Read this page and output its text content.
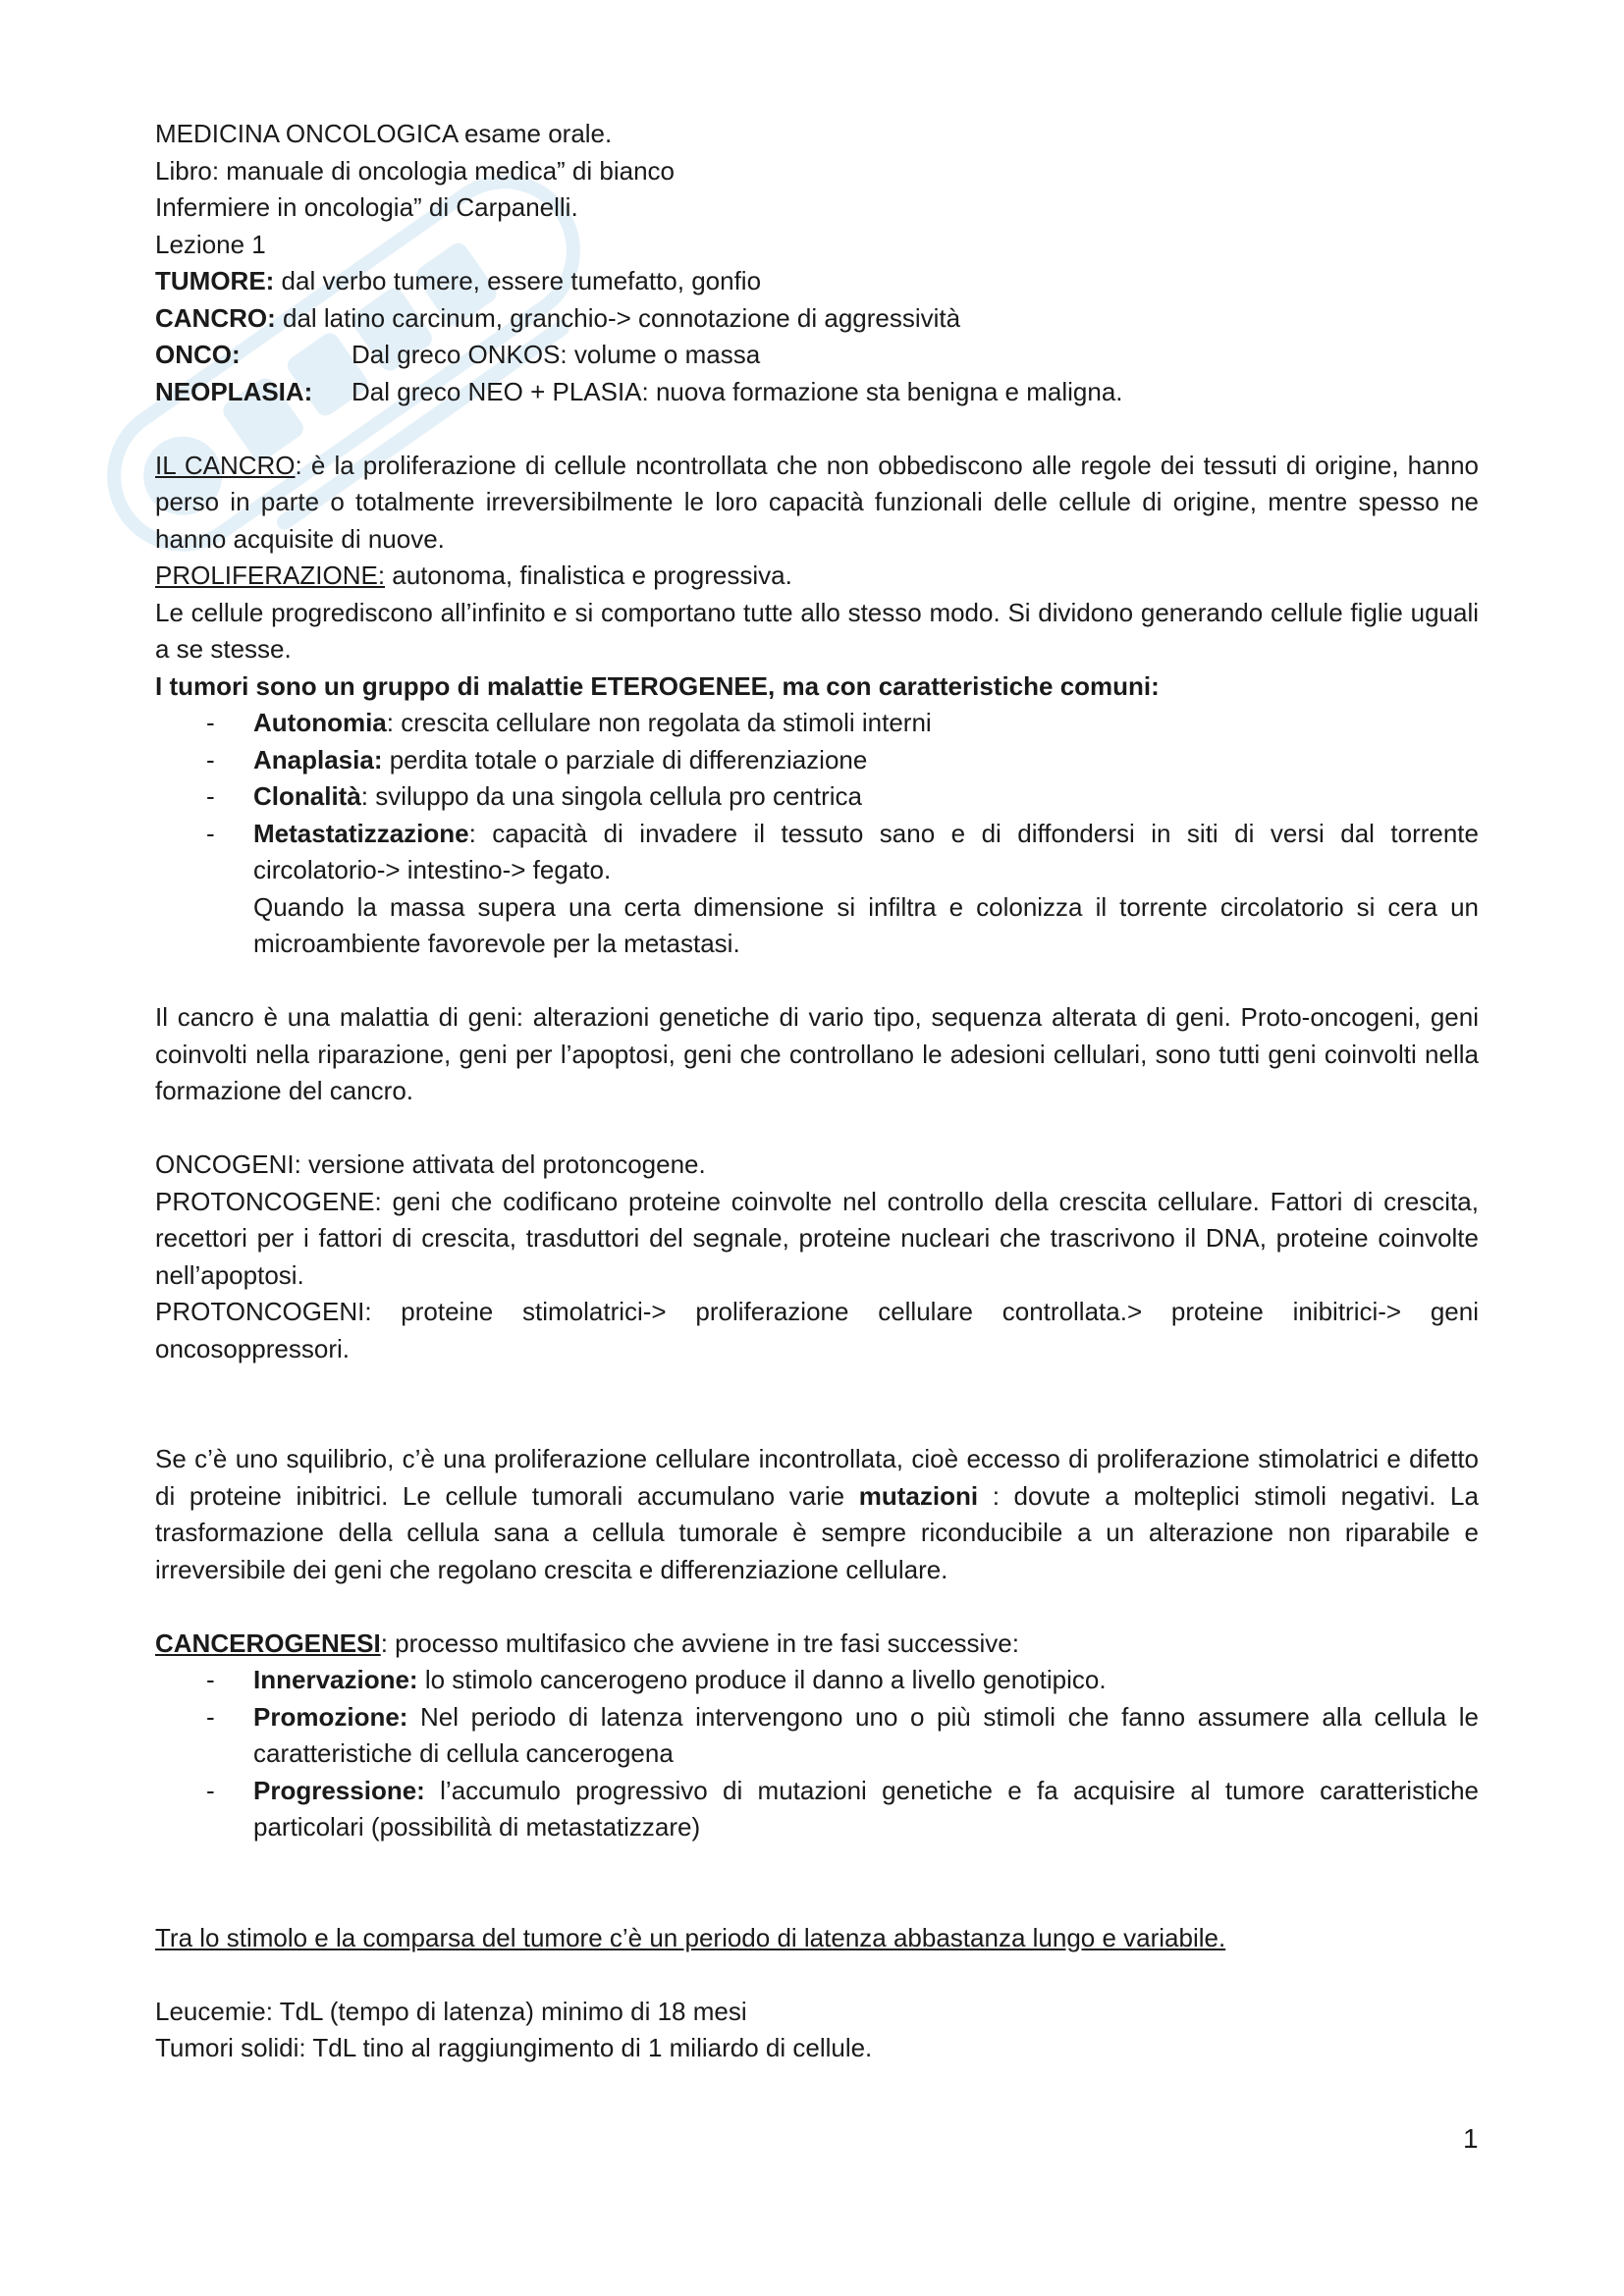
MEDICINA ONCOLOGICA esame orale.

Libro: manuale di oncologia medica” di bianco

Infermiere in oncologia” di Carpanelli.

Lezione 1

TUMORE: dal verbo tumere, essere tumefatto, gonfio

CANCRO: dal latino carcinum, granchio-> connotazione di aggressività

ONCO:	Dal greco ONKOS: volume o massa
NEOPLASIA:	Dal greco NEO + PLASIA: nuova formazione sta benigna e maligna.

IL CANCRO: è la proliferazione di cellule ncontrollata che non obbediscono alle regole dei tessuti di origine, hanno perso in parte o totalmente irreversibilmente le loro capacità funzionali delle cellule di origine, mentre spesso ne hanno acquisite di nuove.

PROLIFERAZIONE: autonoma, finalistica e progressiva.

Le cellule progrediscono all’infinito e si comportano tutte allo stesso modo. Si dividono generando cellule figlie uguali a se stesse.

I tumori sono un gruppo di malattie ETEROGENEE, ma con caratteristiche comuni:

- Autonomia: crescita cellulare non regolata da stimoli interni
- Anaplasia: perdita totale o parziale di differenziazione
- Clonalità: sviluppo da una singola cellula pro centrica
- Metastatizzazione: capacità di invadere il tessuto sano e di diffondersi in siti di versi dal torrente circolatorio-> intestino-> fegato.
Quando la massa supera una certa dimensione si infiltra e colonizza il torrente circolatorio si cera un microambiente favorevole per la metastasi.

Il cancro è una malattia di geni: alterazioni genetiche di vario tipo, sequenza alterata di geni. Proto-oncogeni, geni coinvolti nella riparazione, geni per l’apoptosi, geni che controllano le adesioni cellulari, sono tutti geni coinvolti nella formazione del cancro.

ONCOGENI: versione attivata del protoncogene.

PROTONCOGENE: geni che codificano proteine coinvolte nel controllo della crescita cellulare. Fattori di crescita, recettori per i fattori di crescita, trasduttori del segnale, proteine nucleari che trascrivono il DNA, proteine coinvolte nell’apoptosi.

PROTONCOGENI: proteine stimolatrici-> proliferazione cellulare controllata.> proteine inibitrici-> geni oncosoppressori.

Se c’è uno squilibrio, c’è una proliferazione cellulare incontrollata, cioè eccesso di proliferazione stimolatrici e difetto di proteine inibitrici. Le cellule tumorali accumulano varie mutazioni : dovute a molteplici stimoli negativi. La trasformazione della cellula sana a cellula tumorale è sempre riconducibile a un alterazione non riparabile e irreversibile dei geni che regolano crescita e differenziazione cellulare.

CANCEROGENESI: processo multifasico che avviene in tre fasi successive:

- Innervazione: lo stimolo cancerogeno produce il danno a livello genotipico.
- Promozione: Nel periodo di latenza intervengono uno o più stimoli che fanno assumere alla cellula le caratteristiche di cellula cancerogena
- Progressione: l’accumulo progressivo di mutazioni genetiche e fa acquisire al tumore caratteristiche particolari (possibilità di metastatizzare)

Tra lo stimolo e la comparsa del tumore c’è un periodo di latenza abbastanza lungo e variabile.

Leucemie: TdL (tempo di latenza) minimo di 18 mesi

Tumori solidi: TdL tino al raggiungimento di 1 miliardo di cellule.

1
